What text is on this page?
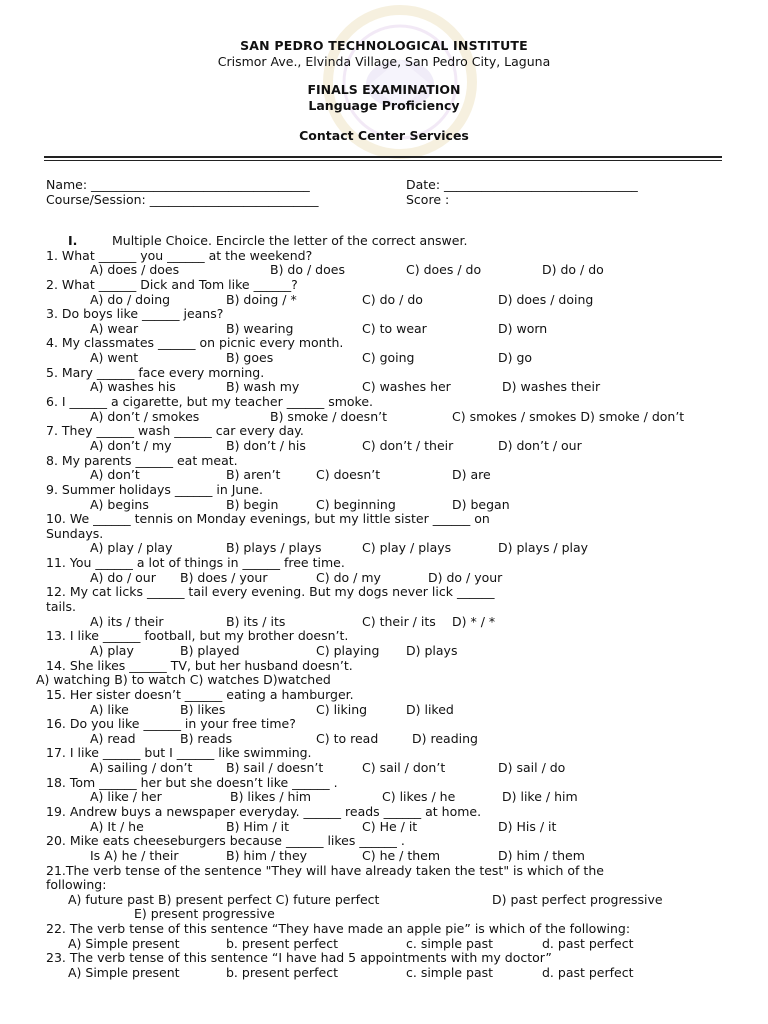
SAN PEDRO TECHNOLOGICAL INSTITUTE
Crismor Ave., Elvinda Village, San Pedro City, Laguna
FINALS EXAMINATION
Language Proficiency
Contact Center Services
Name: ___________________________________	Date: _______________________________
Course/Session: ___________________________	Score :
I.	Multiple Choice. Encircle the letter of the correct answer.
1. What ______ you ______ at the weekend?
A) does / does	B) do / does	C) does / do	D) do / do
2. What ______ Dick and Tom like ______?
A) do / doing	B) doing / *	C) do / do	D) does / doing
3. Do boys like ______ jeans?
A) wear	B) wearing	C) to wear	D) worn
4. My classmates ______ on picnic every month.
A) went	B) goes	C) going	D) go
5. Mary ______ face every morning.
A) washes his	B) wash my	C) washes her	D) washes their
6. I ______ a cigarette, but my teacher ______ smoke.
A) don’t / smokes	B) smoke / doesn’t	C) smokes / smokes D) smoke / don’t
7. They ______ wash ______ car every day.
A) don’t / my	B) don’t / his	C) don’t / their	D) don’t / our
8. My parents ______ eat meat.
A) don’t	B) aren’t	C) doesn’t	D) are
9. Summer holidays ______ in June.
A) begins	B) begin	C) beginning	D) began
10. We ______ tennis on Monday evenings, but my little sister ______ on
Sundays.
A) play / play	B) plays / plays	C) play / plays	D) plays / play
11. You ______ a lot of things in ______ free time.
A) do / our B) does / your	C) do / my	D) do / your
12. My cat licks ______ tail every evening. But my dogs never lick ______
tails.
A) its / their	B) its / its	C) their / its D) * / *
13. I like ______ football, but my brother doesn’t.
A) play	B) played	C) playing D) plays
14. She likes ______ TV, but her husband doesn’t.
A) watching B) to watch C) watches D)watched
15. Her sister doesn’t ______ eating a hamburger.
A) like	B) likes	C) liking	D) liked
16. Do you like ______ in your free time?
A) read	B) reads	C) to read	D) reading
17. I like ______ but I ______ like swimming.
A) sailing / don’t	B) sail / doesn’t	C) sail / don’t	D) sail / do
18. Tom ______ her but she doesn’t like ______ .
A) like / her	B) likes / him	C) likes / he	D) like / him
19. Andrew buys a newspaper everyday. ______ reads ______ at home.
A) It / he	B) Him / it	C) He / it	D) His / it
20. Mike eats cheeseburgers because ______ likes ______ .
Is A) he / their	B) him / they	C) he / them	D) him / them
21.The verb tense of the sentence "They will have already taken the test" is which of the
following:
A) future past B) present perfect C) future perfect	D) past perfect progressive
E) present progressive
22. The verb tense of this sentence “They have made an apple pie” is which of the following:
A) Simple present	b. present perfect	c. simple past	d. past perfect
23. The verb tense of this sentence “I have had 5 appointments with my doctor”
A) Simple present	b. present perfect	c. simple past	d. past perfect
